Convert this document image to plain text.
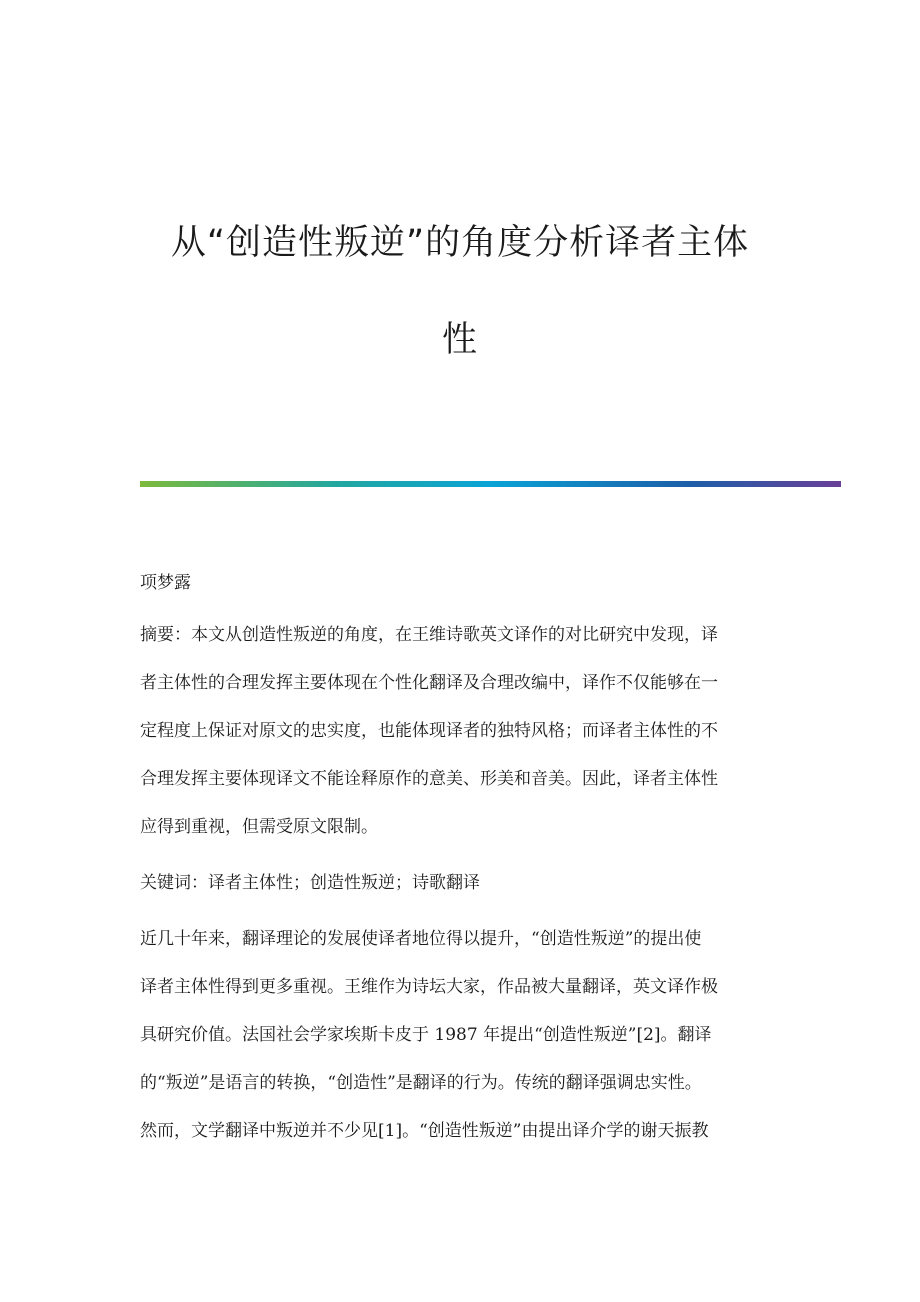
从“创造性叛逆”的角度分析译者主体
性

项梦露

摘要：本文从创造性叛逆的角度，在王维诗歌英文译作的对比研究中发现，译
者主体性的合理发挥主要体现在个性化翻译及合理改编中，译作不仅能够在一
定程度上保证对原文的忠实度，也能体现译者的独特风格；而译者主体性的不
合理发挥主要体现译文不能诠释原作的意美、形美和音美。因此，译者主体性
应得到重视，但需受原文限制。

关键词：译者主体性；创造性叛逆；诗歌翻译

近几十年来，翻译理论的发展使译者地位得以提升，“创造性叛逆”的提出使
译者主体性得到更多重视。王维作为诗坛大家，作品被大量翻译，英文译作极
具研究价值。法国社会学家埃斯卡皮于 1987 年提出“创造性叛逆”[2]。翻译
的“叛逆”是语言的转换，“创造性”是翻译的行为。传统的翻译强调忠实性。
然而，文学翻译中叛逆并不少见[1]。“创造性叛逆”由提出译介学的谢天振教
